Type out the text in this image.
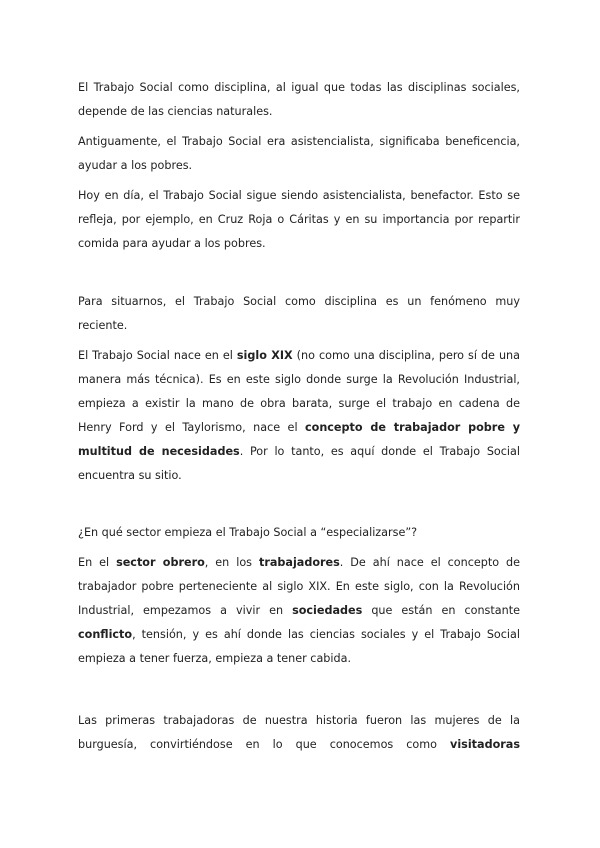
El Trabajo Social como disciplina, al igual que todas las disciplinas sociales, depende de las ciencias naturales.

Antiguamente, el Trabajo Social era asistencialista, significaba beneficencia, ayudar a los pobres.

Hoy en día, el Trabajo Social sigue siendo asistencialista, benefactor. Esto se refleja, por ejemplo, en Cruz Roja o Cáritas y en su importancia por repartir comida para ayudar a los pobres.

Para situarnos, el Trabajo Social como disciplina es un fenómeno muy reciente.

El Trabajo Social nace en el siglo XIX (no como una disciplina, pero sí de una manera más técnica). Es en este siglo donde surge la Revolución Industrial, empieza a existir la mano de obra barata, surge el trabajo en cadena de Henry Ford y el Taylorismo, nace el concepto de trabajador pobre y multitud de necesidades. Por lo tanto, es aquí donde el Trabajo Social encuentra su sitio.

¿En qué sector empieza el Trabajo Social a “especializarse”?

En el sector obrero, en los trabajadores. De ahí nace el concepto de trabajador pobre perteneciente al siglo XIX. En este siglo, con la Revolución Industrial, empezamos a vivir en sociedades que están en constante conflicto, tensión, y es ahí donde las ciencias sociales y el Trabajo Social empieza a tener fuerza, empieza a tener cabida.

Las primeras trabajadoras de nuestra historia fueron las mujeres de la burguesía, convirtiéndose en lo que conocemos como visitadoras
